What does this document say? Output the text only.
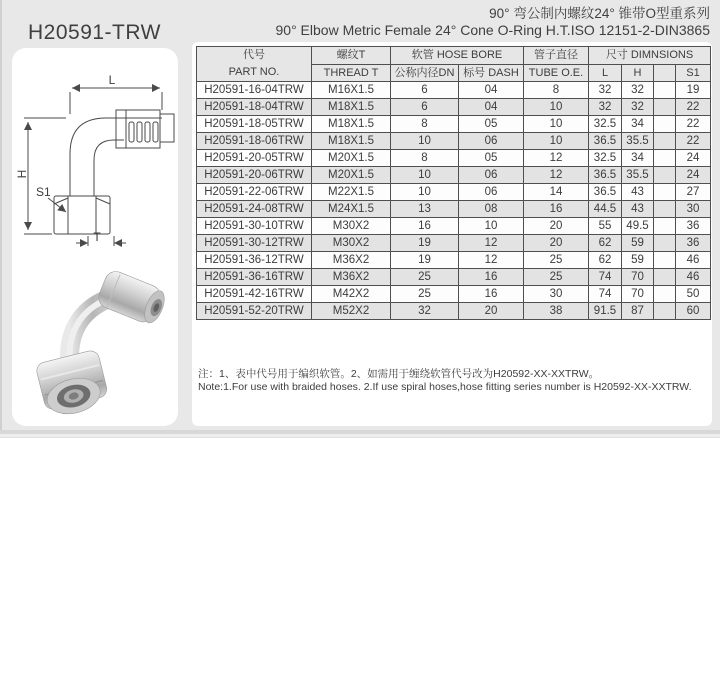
H20591-TRW
90° 弯公制内螺纹24° 锥带O型重系列
90° Elbow Metric Female 24° Cone O-Ring H.T.ISO 12151-2-DIN3865
L
H
S1
T
代号
PART NO.	螺纹T	软管 HOSE BORE		管子直径	尺寸 DIMNSIONS			
	THREAD T	公称内径DN	标号 DASH	TUBE O.E.	L	H		S1
H20591-16-04TRW	M16X1.5	6	04	8	32	32		19
H20591-18-04TRW	M18X1.5	6	04	10	32	32		22
H20591-18-05TRW	M18X1.5	8	05	10	32.5	34		22
H20591-18-06TRW	M18X1.5	10	06	10	36.5	35.5		22
H20591-20-05TRW	M20X1.5	8	05	12	32.5	34		24
H20591-20-06TRW	M20X1.5	10	06	12	36.5	35.5		24
H20591-22-06TRW	M22X1.5	10	06	14	36.5	43		27
H20591-24-08TRW	M24X1.5	13	08	16	44.5	43		30
H20591-30-10TRW	M30X2	16	10	20	55	49.5		36
H20591-30-12TRW	M30X2	19	12	20	62	59		36
H20591-36-12TRW	M36X2	19	12	25	62	59		46
H20591-36-16TRW	M36X2	25	16	25	74	70		46
H20591-42-16TRW	M42X2	25	16	30	74	70		50
H20591-52-20TRW	M52X2	32	20	38	91.5	87		60
注：1、表中代号用于编织软管。2、如需用于缠绕软管代号改为H20592-XX-XXTRW。
Note:1.For use with braided hoses. 2.If use spiral hoses,hose fitting series number is H20592-XX-XXTRW.
